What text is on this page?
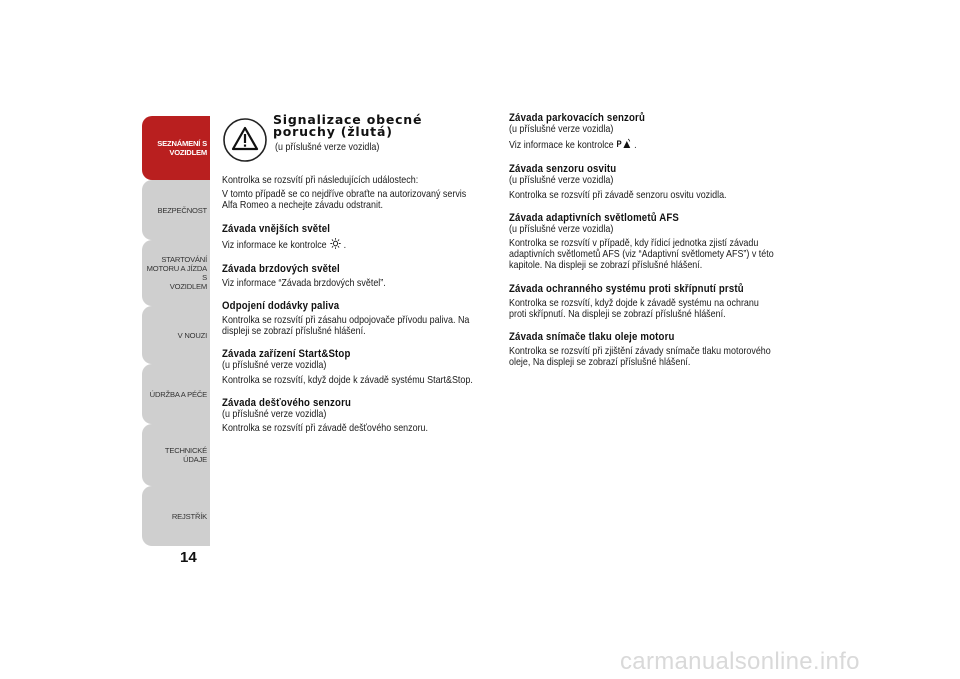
SEZNÁMENÍ S
VOZIDLEM
BEZPEČNOST
STARTOVÁNÍ
MOTORU A JÍZDA S
VOZIDLEM
V NOUZI
ÚDRŽBA A PÉČE
TECHNICKÉ ÚDAJE
REJSTŘÍK
14
Signalizace obecné poruchy (žlutá)
(u příslušné verze vozidla)
Kontrolka se rozsvítí při následujících událostech:
V tomto případě se co nejdříve obraťte na autorizovaný servis Alfa Romeo a nechejte závadu odstranit.
Závada vnějších světel
Viz informace ke kontrolce  .
Závada brzdových světel
Viz informace “Závada brzdových světel”.
Odpojení dodávky paliva
Kontrolka se rozsvítí při zásahu odpojovače přívodu paliva. Na displeji se zobrazí příslušné hlášení.
Závada zařízení Start&Stop
(u příslušné verze vozidla)
Kontrolka se rozsvítí, když dojde k závadě systému Start&Stop.
Závada dešťového senzoru
(u příslušné verze vozidla)
Kontrolka se rozsvítí při závadě dešťového senzoru.
Závada parkovacích senzorů
(u příslušné verze vozidla)
Viz informace ke kontrolce P .
Závada senzoru osvitu
(u příslušné verze vozidla)
Kontrolka se rozsvítí při závadě senzoru osvitu vozidla.
Závada adaptivních světlometů AFS
(u příslušné verze vozidla)
Kontrolka se rozsvítí v případě, kdy řídicí jednotka zjistí závadu adaptivních světlometů AFS (viz “Adaptivní světlomety AFS”) v této kapitole. Na displeji se zobrazí příslušné hlášení.
Závada ochranného systému proti skřípnutí prstů
Kontrolka se rozsvítí, když dojde k závadě systému na ochranu proti skřípnutí. Na displeji se zobrazí příslušné hlášení.
Závada snímače tlaku oleje motoru
Kontrolka se rozsvítí při zjištění závady snímače tlaku motorového oleje, Na displeji se zobrazí příslušné hlášení.
carmanualsonline.info
